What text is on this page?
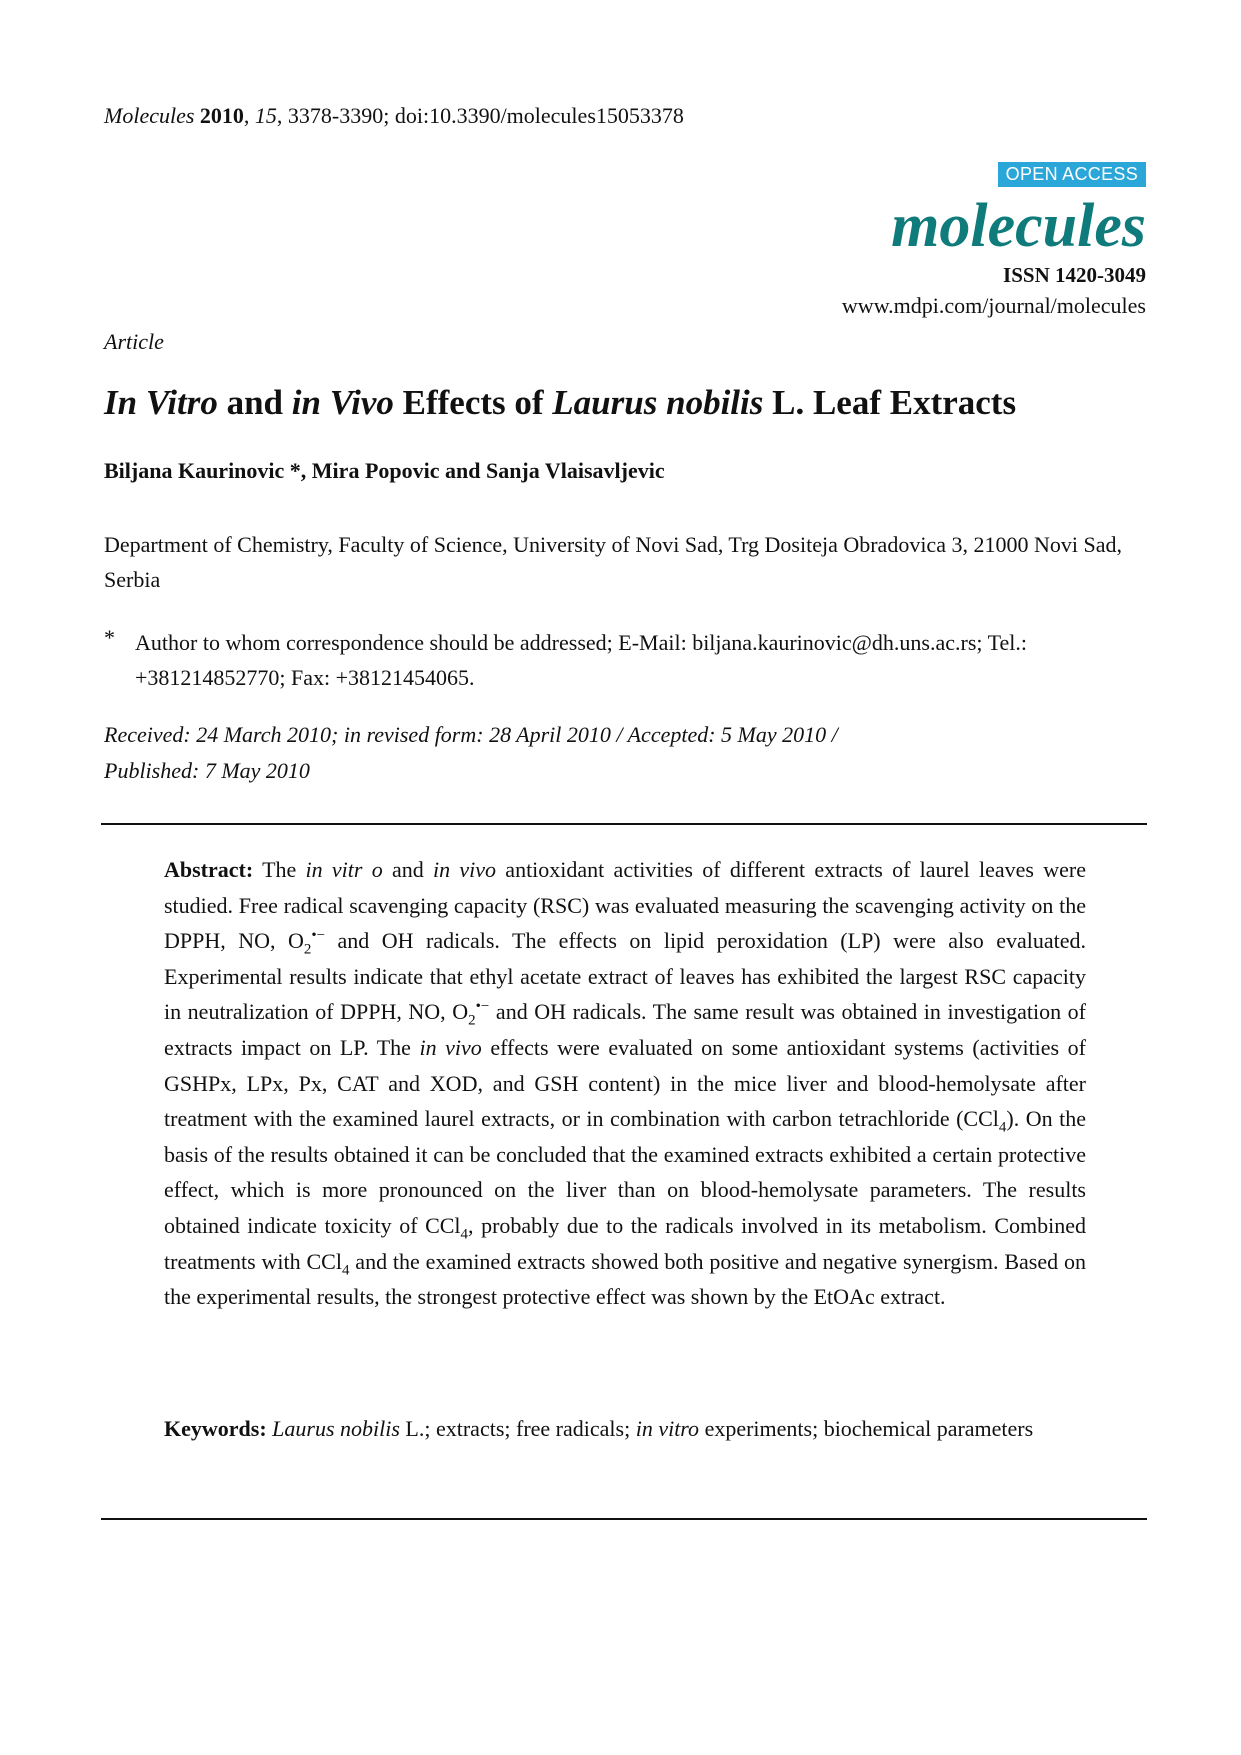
Molecules 2010, 15, 3378-3390; doi:10.3390/molecules15053378
OPEN ACCESS
molecules
ISSN 1420-3049
www.mdpi.com/journal/molecules
Article
In Vitro and in Vivo Effects of Laurus nobilis L. Leaf Extracts
Biljana Kaurinovic *, Mira Popovic and Sanja Vlaisavljevic
Department of Chemistry, Faculty of Science, University of Novi Sad, Trg Dositeja Obradovica 3, 21000 Novi Sad, Serbia
* Author to whom correspondence should be addressed; E-Mail: biljana.kaurinovic@dh.uns.ac.rs; Tel.: +381214852770; Fax: +38121454065.
Received: 24 March 2010; in revised form: 28 April 2010 / Accepted: 5 May 2010 /
Published: 7 May 2010
Abstract: The in vitr o and in vivo antioxidant activities of different extracts of laurel leaves were studied. Free radical scavenging capacity (RSC) was evaluated measuring the scavenging activity on the DPPH, NO, $O_2^{•-}$ and OH radicals. The effects on lipid peroxidation (LP) were also evaluated. Experimental results indicate that ethyl acetate extract of leaves has exhibited the largest RSC capacity in neutralization of DPPH, NO, $O_2^{•-}$ and OH radicals. The same result was obtained in investigation of extracts impact on LP. The in vivo effects were evaluated on some antioxidant systems (activities of GSHPx, LPx, Px, CAT and XOD, and GSH content) in the mice liver and blood-hemolysate after treatment with the examined laurel extracts, or in combination with carbon tetrachloride (CCl$_4$). On the basis of the results obtained it can be concluded that the examined extracts exhibited a certain protective effect, which is more pronounced on the liver than on blood-hemolysate parameters. The results obtained indicate toxicity of CCl$_4$, probably due to the radicals involved in its metabolism. Combined treatments with CCl$_4$ and the examined extracts showed both positive and negative synergism. Based on the experimental results, the strongest protective effect was shown by the EtOAc extract.
Keywords: Laurus nobilis L.; extracts; free radicals; in vitro experiments; biochemical parameters
